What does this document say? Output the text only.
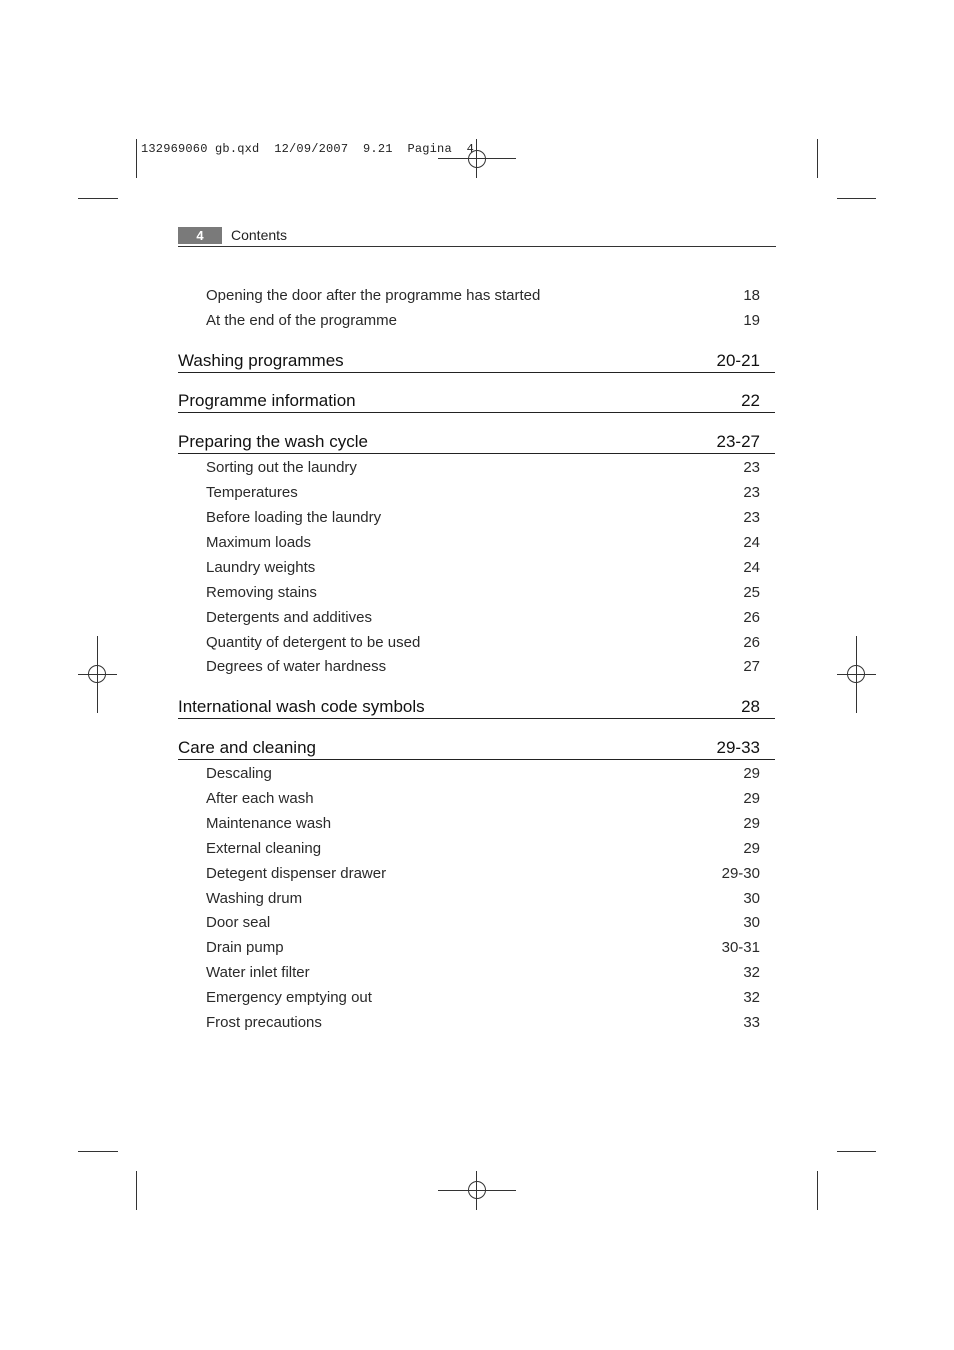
132969060 gb.qxd  12/09/2007  9.21  Pagina  4
4	Contents
Opening the door after the programme has started	18
At the end of the programme	19
Washing programmes	20-21
Programme information	22
Preparing the wash cycle	23-27
Sorting out the laundry	23
Temperatures	23
Before loading the laundry	23
Maximum loads	24
Laundry weights	24
Removing stains	25
Detergents and additives	26
Quantity of detergent to be used	26
Degrees of water hardness	27
International wash code symbols	28
Care and cleaning	29-33
Descaling	29
After each wash	29
Maintenance wash	29
External cleaning	29
Detegent dispenser drawer	29-30
Washing drum	30
Door seal	30
Drain pump	30-31
Water inlet filter	32
Emergency emptying out	32
Frost precautions	33
